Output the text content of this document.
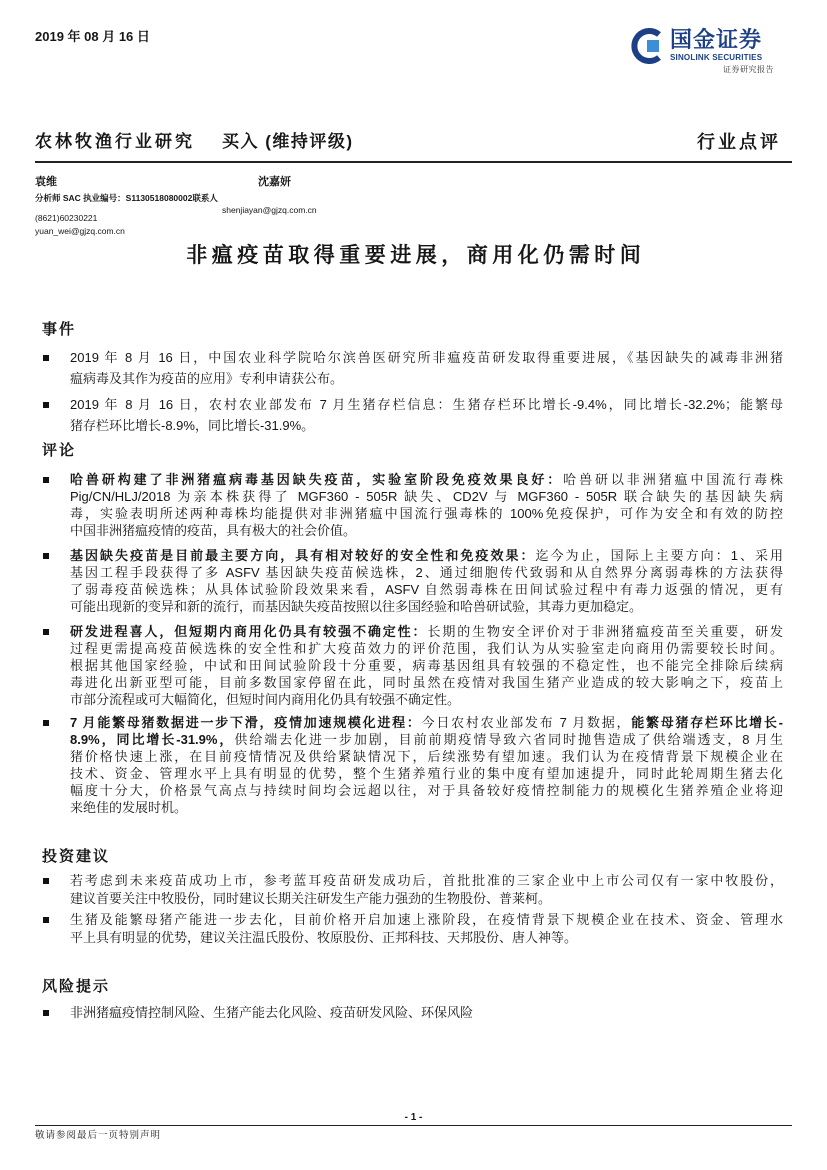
2019 年 08 月 16 日	国金证券
SINOLINK SECURITIES
证券研究报告
农林牧渔行业研究 买入 (维持评级)	行业点评
袁维	沈嘉妍
分析师 SAC 执业编号：S1130518080002联系人
shenjiayan@gjzq.com.cn
(8621)60230221
yuan_wei@gjzq.com.cn
非瘟疫苗取得重要进展，商用化仍需时间
事件
2019 年 8 月 16 日，中国农业科学院哈尔滨兽医研究所非瘟疫苗研发取得重要进展，《基因缺失的减毒非洲猪
瘟病毒及其作为疫苗的应用》专利申请获公布。
2019 年 8 月 16 日，农村农业部发布 7 月生猪存栏信息：生猪存栏环比增长-9.4%，同比增长-32.2%；能繁母
猪存栏环比增长-8.9%，同比增长-31.9%。
评论
哈兽研构建了非洲猪瘟病毒基因缺失疫苗，实验室阶段免疫效果良好：哈兽研以非洲猪瘟中国流行毒株
Pig/CN/HLJ/2018 为亲本株获得了 MGF360 - 505R 缺失、CD2V 与 MGF360 - 505R 联合缺失的基因缺失病
毒，实验表明所述两种毒株均能提供对非洲猪瘟中国流行强毒株的 100%免疫保护，可作为安全和有效的防控
中国非洲猪瘟疫情的疫苗，具有极大的社会价值。
基因缺失疫苗是目前最主要方向，具有相对较好的安全性和免疫效果：迄今为止，国际上主要方向：1、采用
基因工程手段获得了多 ASFV 基因缺失疫苗候选株，2、通过细胞传代致弱和从自然界分离弱毒株的方法获得
了弱毒疫苗候选株；从具体试验阶段效果来看，ASFV 自然弱毒株在田间试验过程中有毒力返强的情况，更有
可能出现新的变异和新的流行，而基因缺失疫苗按照以往多国经验和哈兽研试验，其毒力更加稳定。
研发进程喜人，但短期内商用化仍具有较强不确定性：长期的生物安全评价对于非洲猪瘟疫苗至关重要，研发
过程更需提高疫苗候选株的安全性和扩大疫苗效力的评价范围，我们认为从实验室走向商用仍需要较长时间。
根据其他国家经验，中试和田间试验阶段十分重要，病毒基因组具有较强的不稳定性，也不能完全排除后续病
毒进化出新亚型可能，目前多数国家停留在此，同时虽然在疫情对我国生猪产业造成的较大影响之下，疫苗上
市部分流程或可大幅简化，但短时间内商用化仍具有较强不确定性。
7 月能繁母猪数据进一步下滑，疫情加速规模化进程：今日农村农业部发布 7 月数据，能繁母猪存栏环比增长-
8.9%，同比增长-31.9%，供给端去化进一步加剧，目前前期疫情导致六省同时抛售造成了供给端透支，8 月生
猪价格快速上涨，在目前疫情情况及供给紧缺情况下，后续涨势有望加速。我们认为在疫情背景下规模企业在
技术、资金、管理水平上具有明显的优势，整个生猪养殖行业的集中度有望加速提升，同时此轮周期生猪去化
幅度十分大，价格景气高点与持续时间均会远超以往，对于具备较好疫情控制能力的规模化生猪养殖企业将迎
来绝佳的发展时机。
投资建议
若考虑到未来疫苗成功上市，参考蓝耳疫苗研发成功后，首批批准的三家企业中上市公司仅有一家中牧股份，
建议首要关注中牧股份，同时建议长期关注研发生产能力强劲的生物股份、普莱柯。
生猪及能繁母猪产能进一步去化，目前价格开启加速上涨阶段，在疫情背景下规模企业在技术、资金、管理水
平上具有明显的优势，建议关注温氏股份、牧原股份、正邦科技、天邦股份、唐人神等。
风险提示
非洲猪瘟疫情控制风险、生猪产能去化风险、疫苗研发风险、环保风险
- 1 -
敬请参阅最后一页特别声明
